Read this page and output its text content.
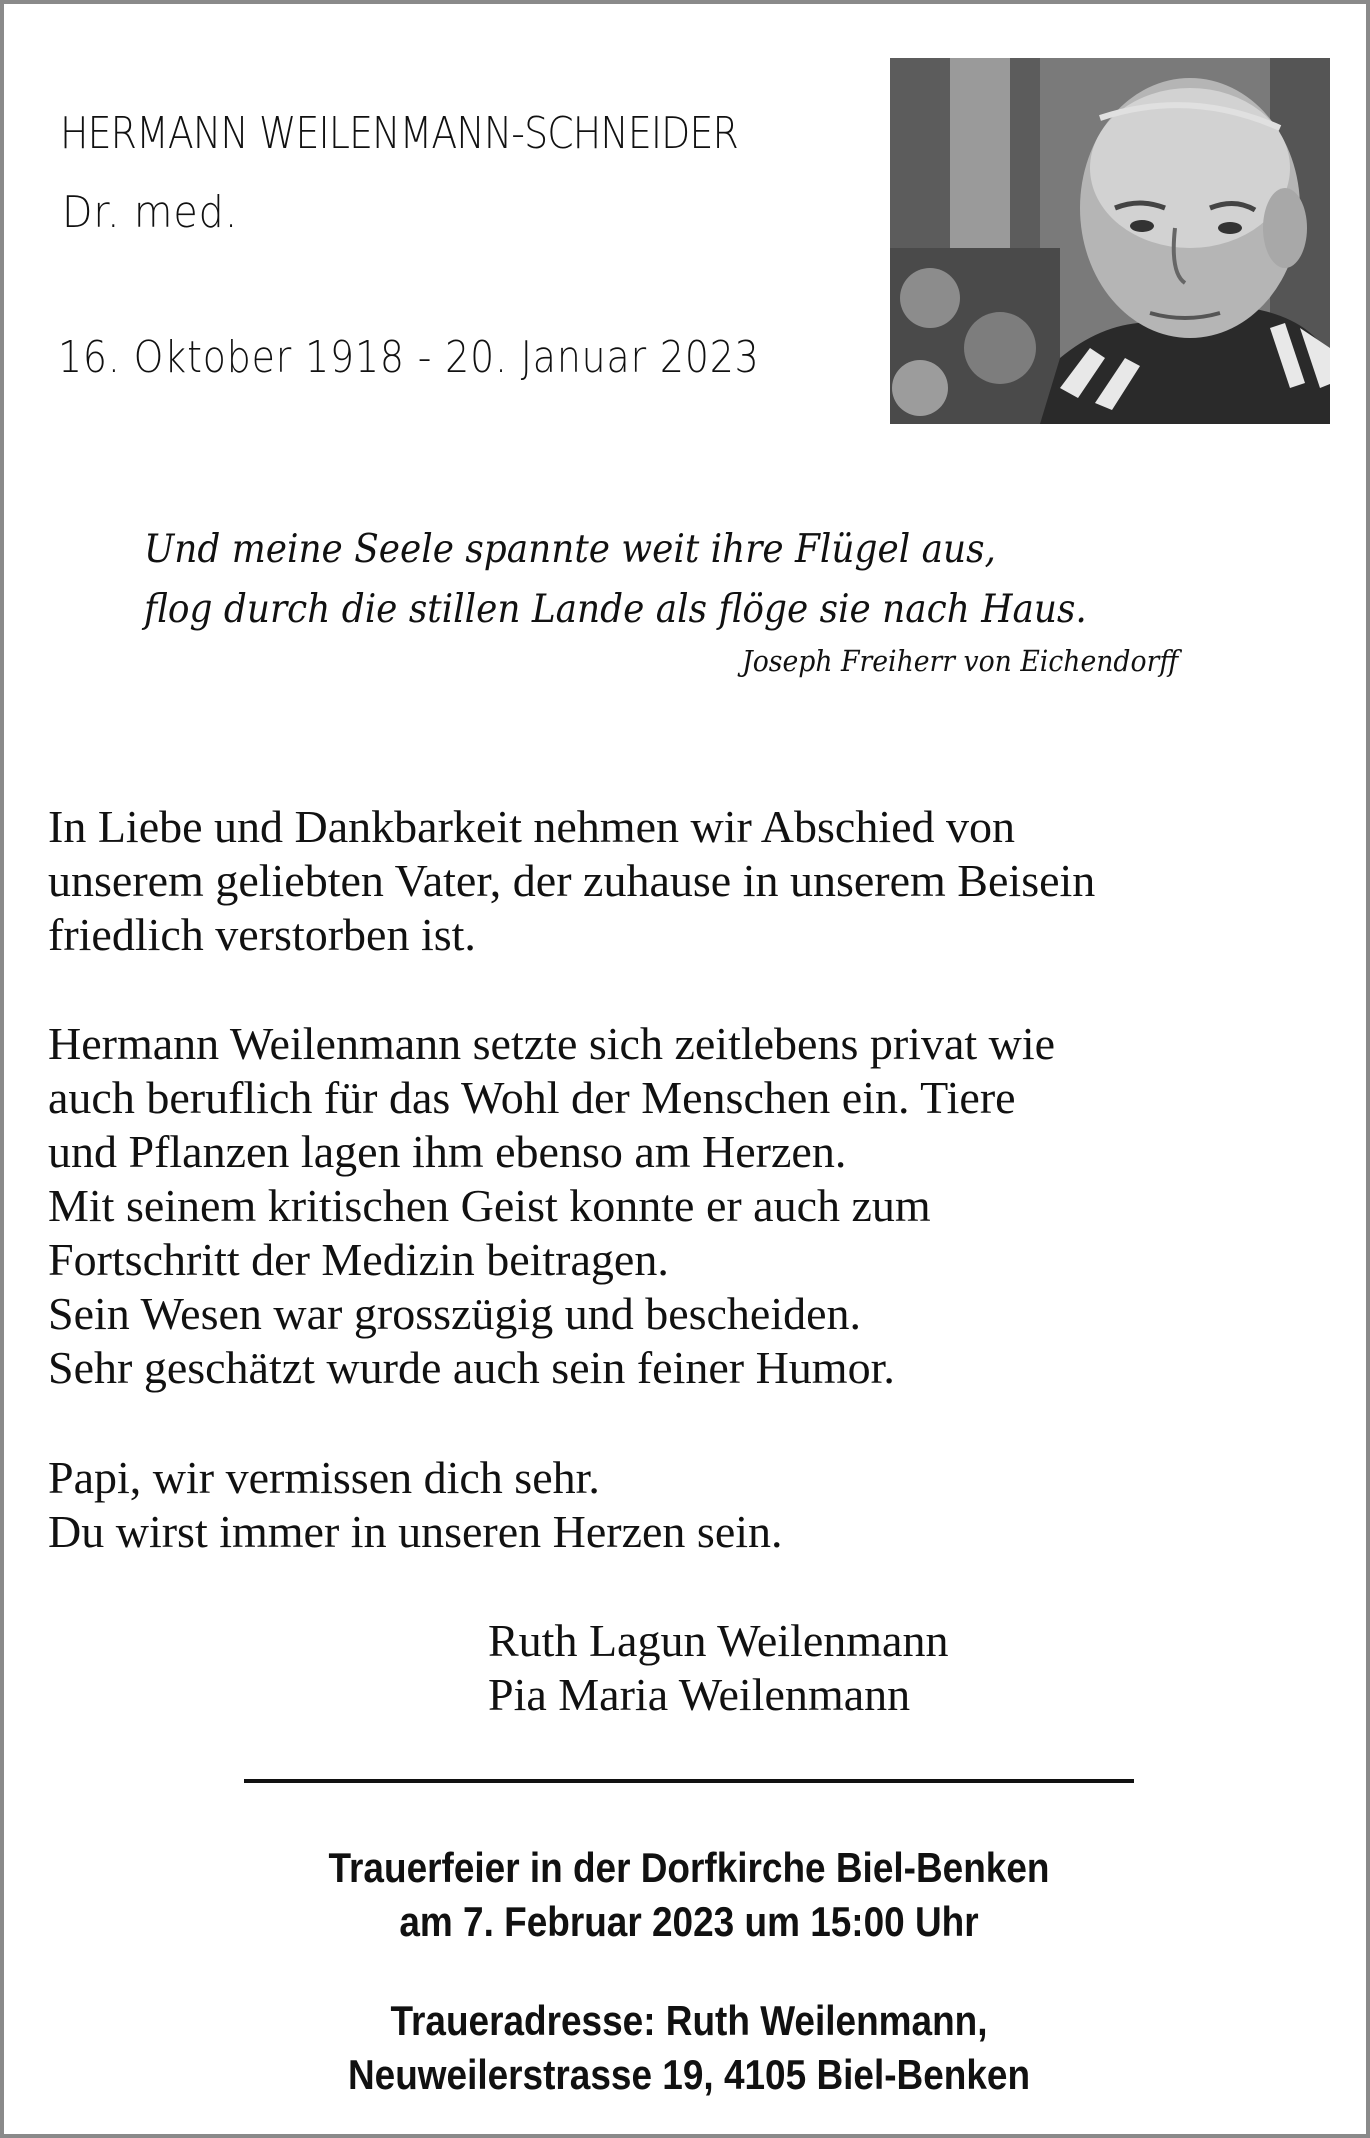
HERMANN WEILENMANN-SCHNEIDER
Dr. med.
16. Oktober 1918 - 20. Januar 2023
Und meine Seele spannte weit ihre Flügel aus,
flog durch die stillen Lande als flöge sie nach Haus.
Joseph Freiherr von Eichendorff
In Liebe und Dankbarkeit nehmen wir Abschied von
unserem geliebten Vater, der zuhause in unserem Beisein
friedlich verstorben ist.
Hermann Weilenmann setzte sich zeitlebens privat wie
auch beruflich für das Wohl der Menschen ein. Tiere
und Pflanzen lagen ihm ebenso am Herzen.
Mit seinem kritischen Geist konnte er auch zum
Fortschritt der Medizin beitragen.
Sein Wesen war grosszügig und bescheiden.
Sehr geschätzt wurde auch sein feiner Humor.
Papi, wir vermissen dich sehr.
Du wirst immer in unseren Herzen sein.
Ruth Lagun Weilenmann
Pia Maria Weilenmann
Trauerfeier in der Dorfkirche Biel-Benken
am 7. Februar 2023 um 15:00 Uhr
Traueradresse: Ruth Weilenmann,
Neuweilerstrasse 19, 4105 Biel-Benken
